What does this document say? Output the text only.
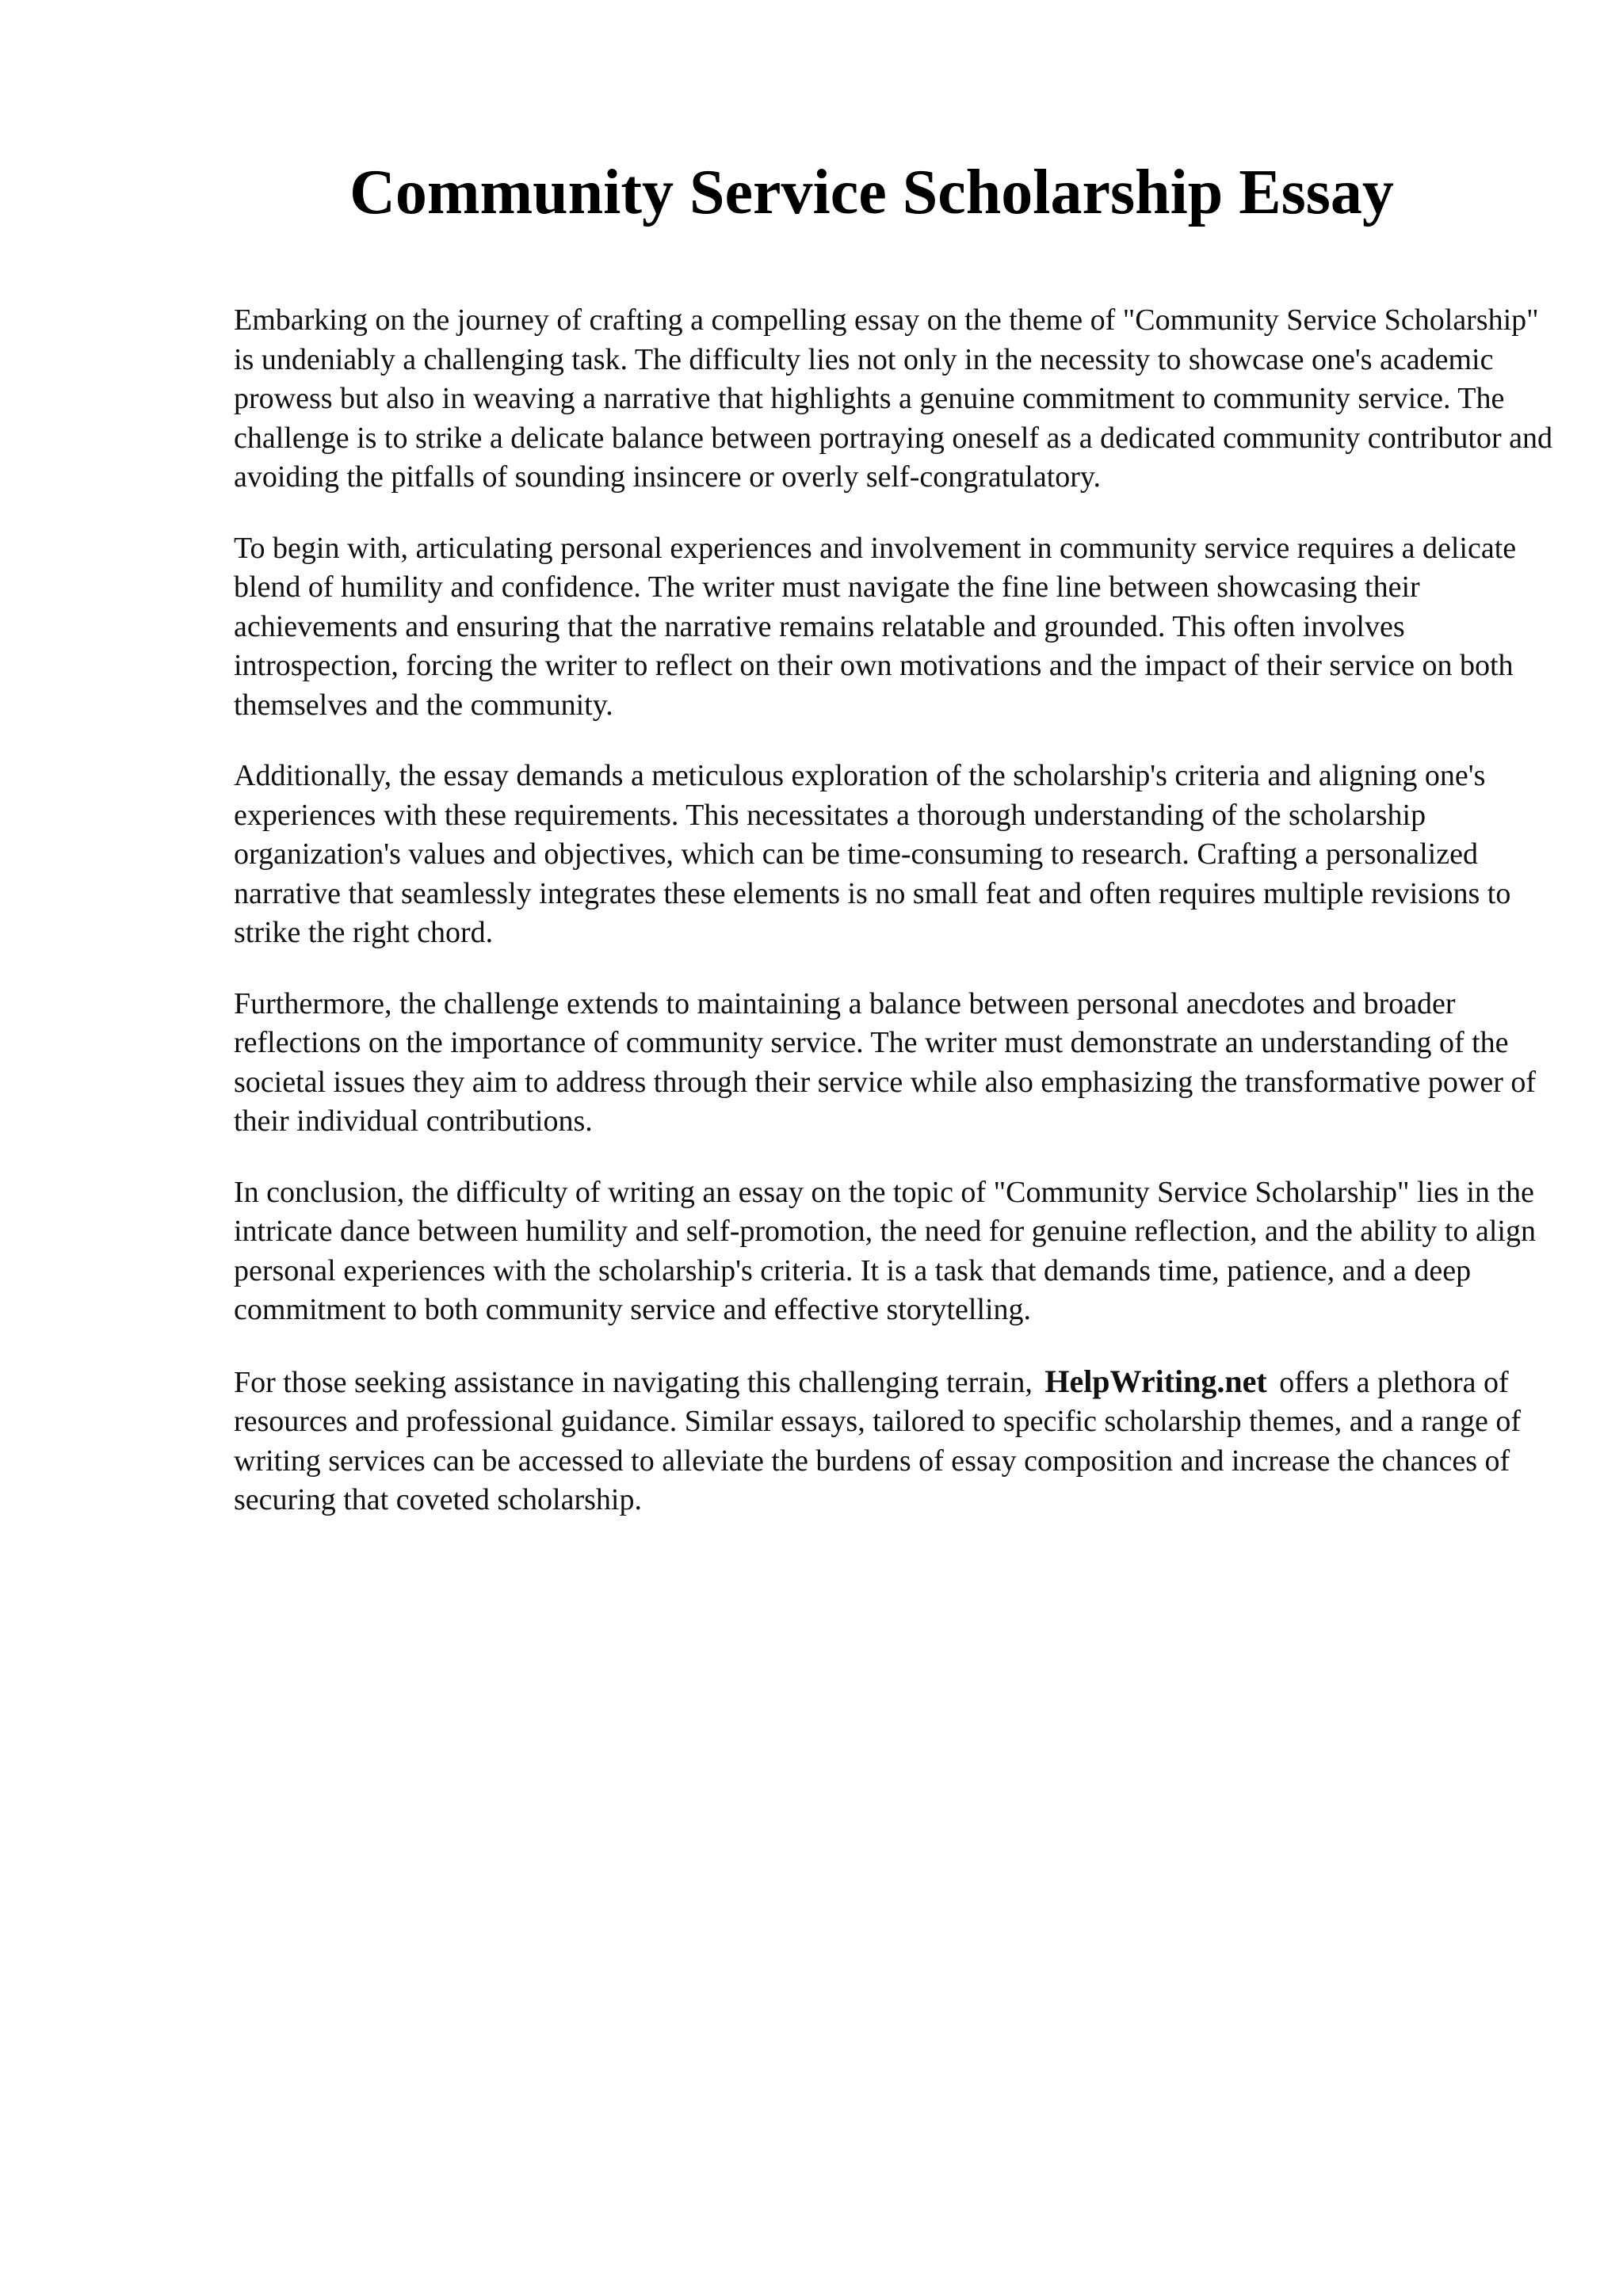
Community Service Scholarship Essay

Embarking on the journey of crafting a compelling essay on the theme of "Community Service Scholarship" is undeniably a challenging task. The difficulty lies not only in the necessity to showcase one's academic prowess but also in weaving a narrative that highlights a genuine commitment to community service. The challenge is to strike a delicate balance between portraying oneself as a dedicated community contributor and avoiding the pitfalls of sounding insincere or overly self-congratulatory.

To begin with, articulating personal experiences and involvement in community service requires a delicate blend of humility and confidence. The writer must navigate the fine line between showcasing their achievements and ensuring that the narrative remains relatable and grounded. This often involves introspection, forcing the writer to reflect on their own motivations and the impact of their service on both themselves and the community.

Additionally, the essay demands a meticulous exploration of the scholarship's criteria and aligning one's experiences with these requirements. This necessitates a thorough understanding of the scholarship organization's values and objectives, which can be time-consuming to research. Crafting a personalized narrative that seamlessly integrates these elements is no small feat and often requires multiple revisions to strike the right chord.

Furthermore, the challenge extends to maintaining a balance between personal anecdotes and broader reflections on the importance of community service. The writer must demonstrate an understanding of the societal issues they aim to address through their service while also emphasizing the transformative power of their individual contributions.

In conclusion, the difficulty of writing an essay on the topic of "Community Service Scholarship" lies in the intricate dance between humility and self-promotion, the need for genuine reflection, and the ability to align personal experiences with the scholarship's criteria. It is a task that demands time, patience, and a deep commitment to both community service and effective storytelling.

For those seeking assistance in navigating this challenging terrain, HelpWriting.net offers a plethora of resources and professional guidance. Similar essays, tailored to specific scholarship themes, and a range of writing services can be accessed to alleviate the burdens of essay composition and increase the chances of securing that coveted scholarship.
